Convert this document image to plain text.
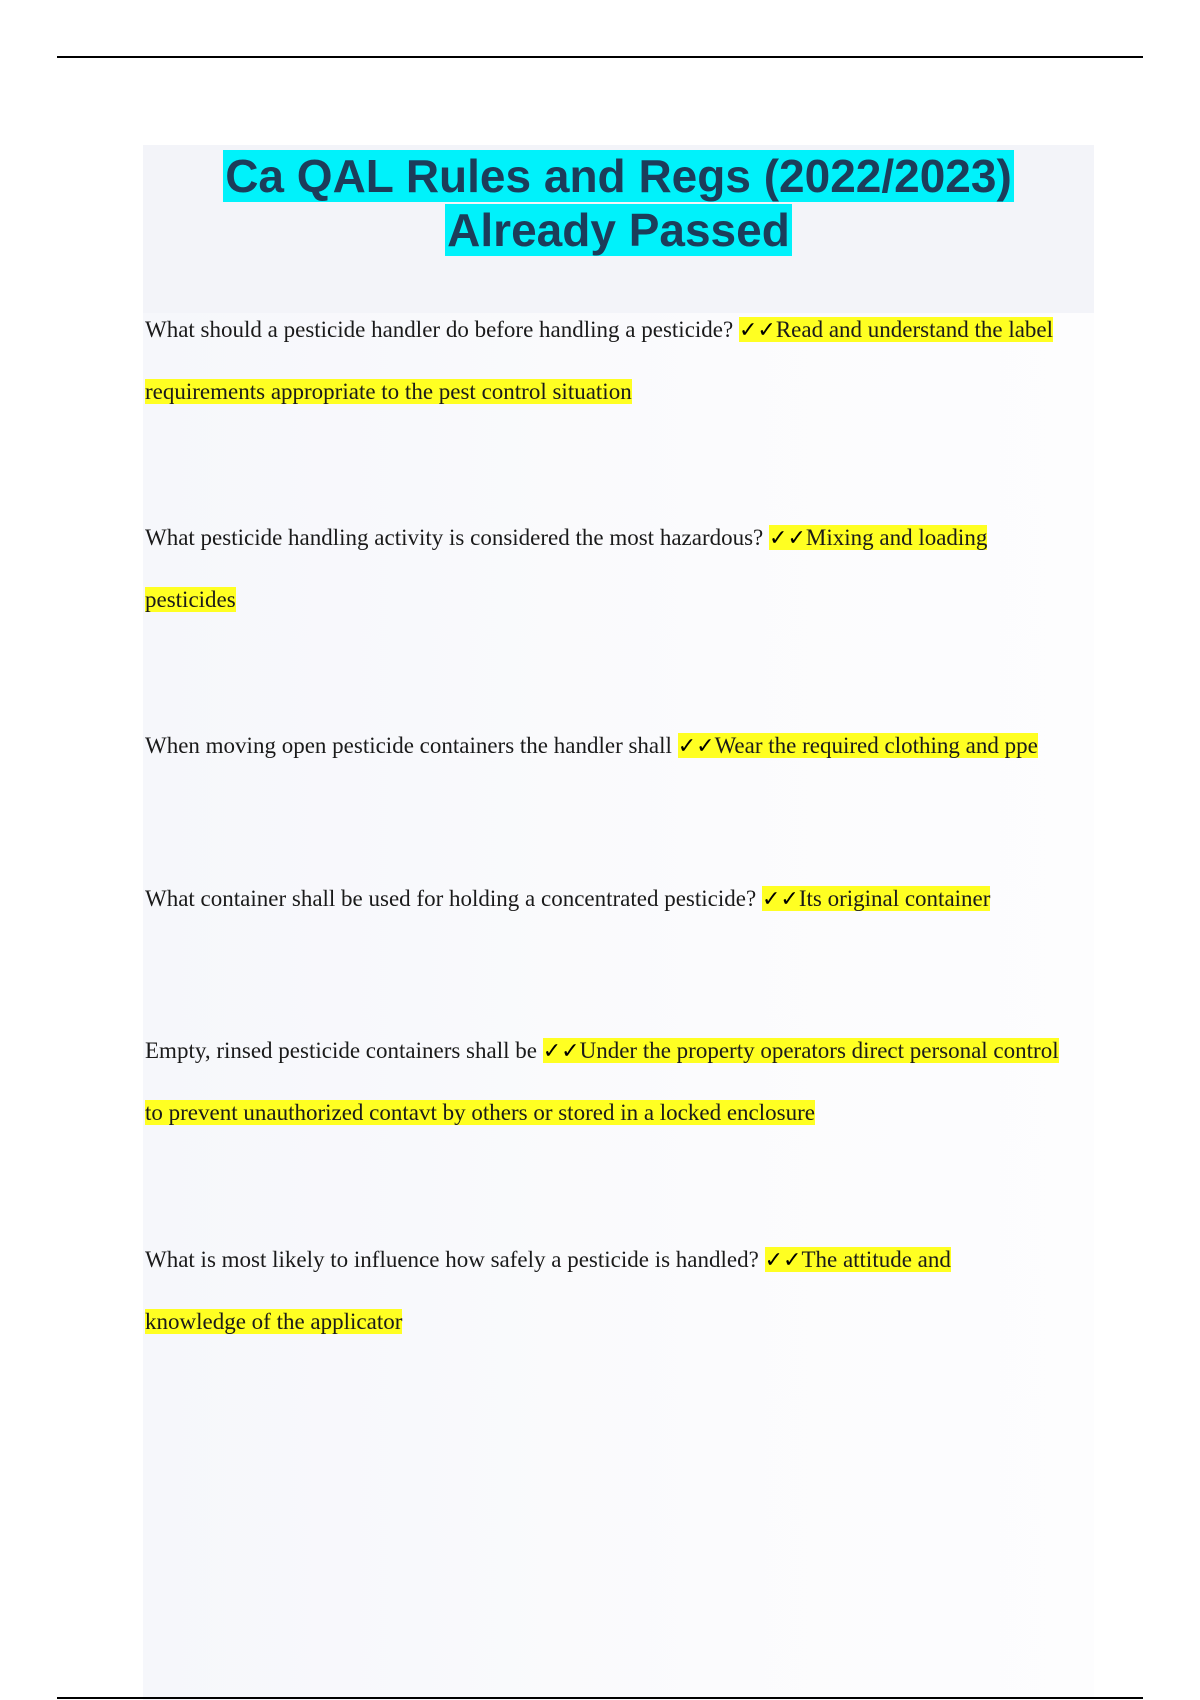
Ca QAL Rules and Regs (2022/2023) Already Passed
What should a pesticide handler do before handling a pesticide? ✓✓Read and understand the label requirements appropriate to the pest control situation
What pesticide handling activity is considered the most hazardous? ✓✓Mixing and loading pesticides
When moving open pesticide containers the handler shall ✓✓Wear the required clothing and ppe
What container shall be used for holding a concentrated pesticide? ✓✓Its original container
Empty, rinsed pesticide containers shall be ✓✓Under the property operators direct personal control to prevent unauthorized contavt by others or stored in a locked enclosure
What is most likely to influence how safely a pesticide is handled? ✓✓The attitude and knowledge of the applicator
